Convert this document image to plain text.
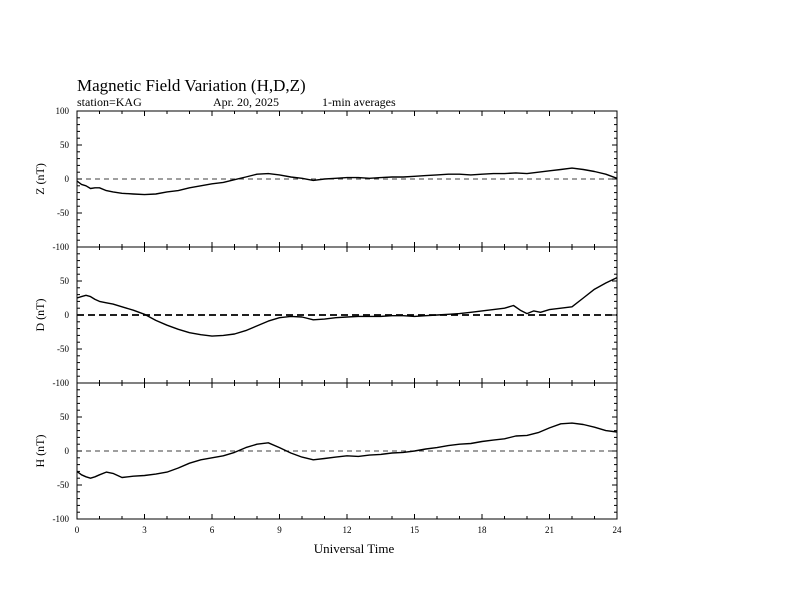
Magnetic Field Variation (H,D,Z)
station=KAG	Apr. 20, 2025	1-min averages
-100
-50
0
50
100
Z (nT)
-100
-50
0
50
D (nT)
-100
-50
0
50
H (nT)
0	3	6	9	12	15	18	21	24
Universal Time
